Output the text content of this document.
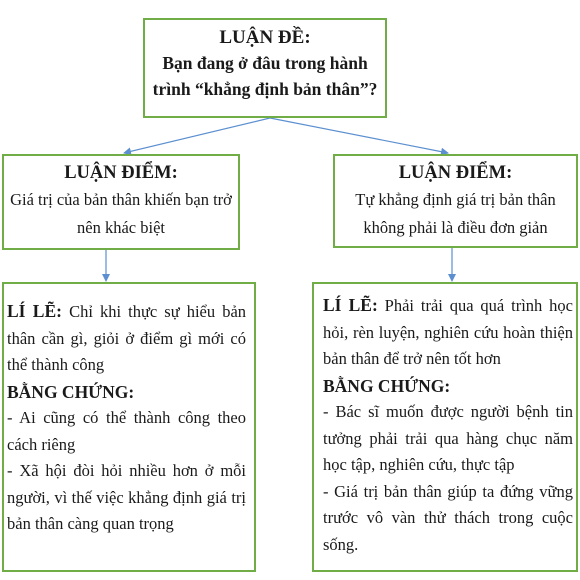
LUẬN ĐỀ:
Bạn đang ở đâu trong hành trình “khẳng định bản thân”?
LUẬN ĐIỂM:
Giá trị của bản thân khiến bạn trở nên khác biệt
LUẬN ĐIỂM:
Tự khẳng định giá trị bản thân không phải là điều đơn giản

LÍ LẼ: Chỉ khi thực sự hiểu bản thân cần gì, giỏi ở điểm gì mới có thể thành công

BẰNG CHỨNG:

- Ai cũng có thể thành công theo cách riêng

- Xã hội đòi hỏi nhiều hơn ở mỗi người, vì thế việc khẳng định giá trị bản thân càng quan trọng

LÍ LẼ: Phải trải qua quá trình học hỏi, rèn luyện, nghiên cứu hoàn thiện bản thân để trở nên tốt hơn

BẰNG CHỨNG:

- Bác sĩ muốn được người bệnh tin tưởng phải trải qua hàng chục năm học tập, nghiên cứu, thực tập

- Giá trị bản thân giúp ta đứng vững trước vô vàn thử thách trong cuộc sống.
